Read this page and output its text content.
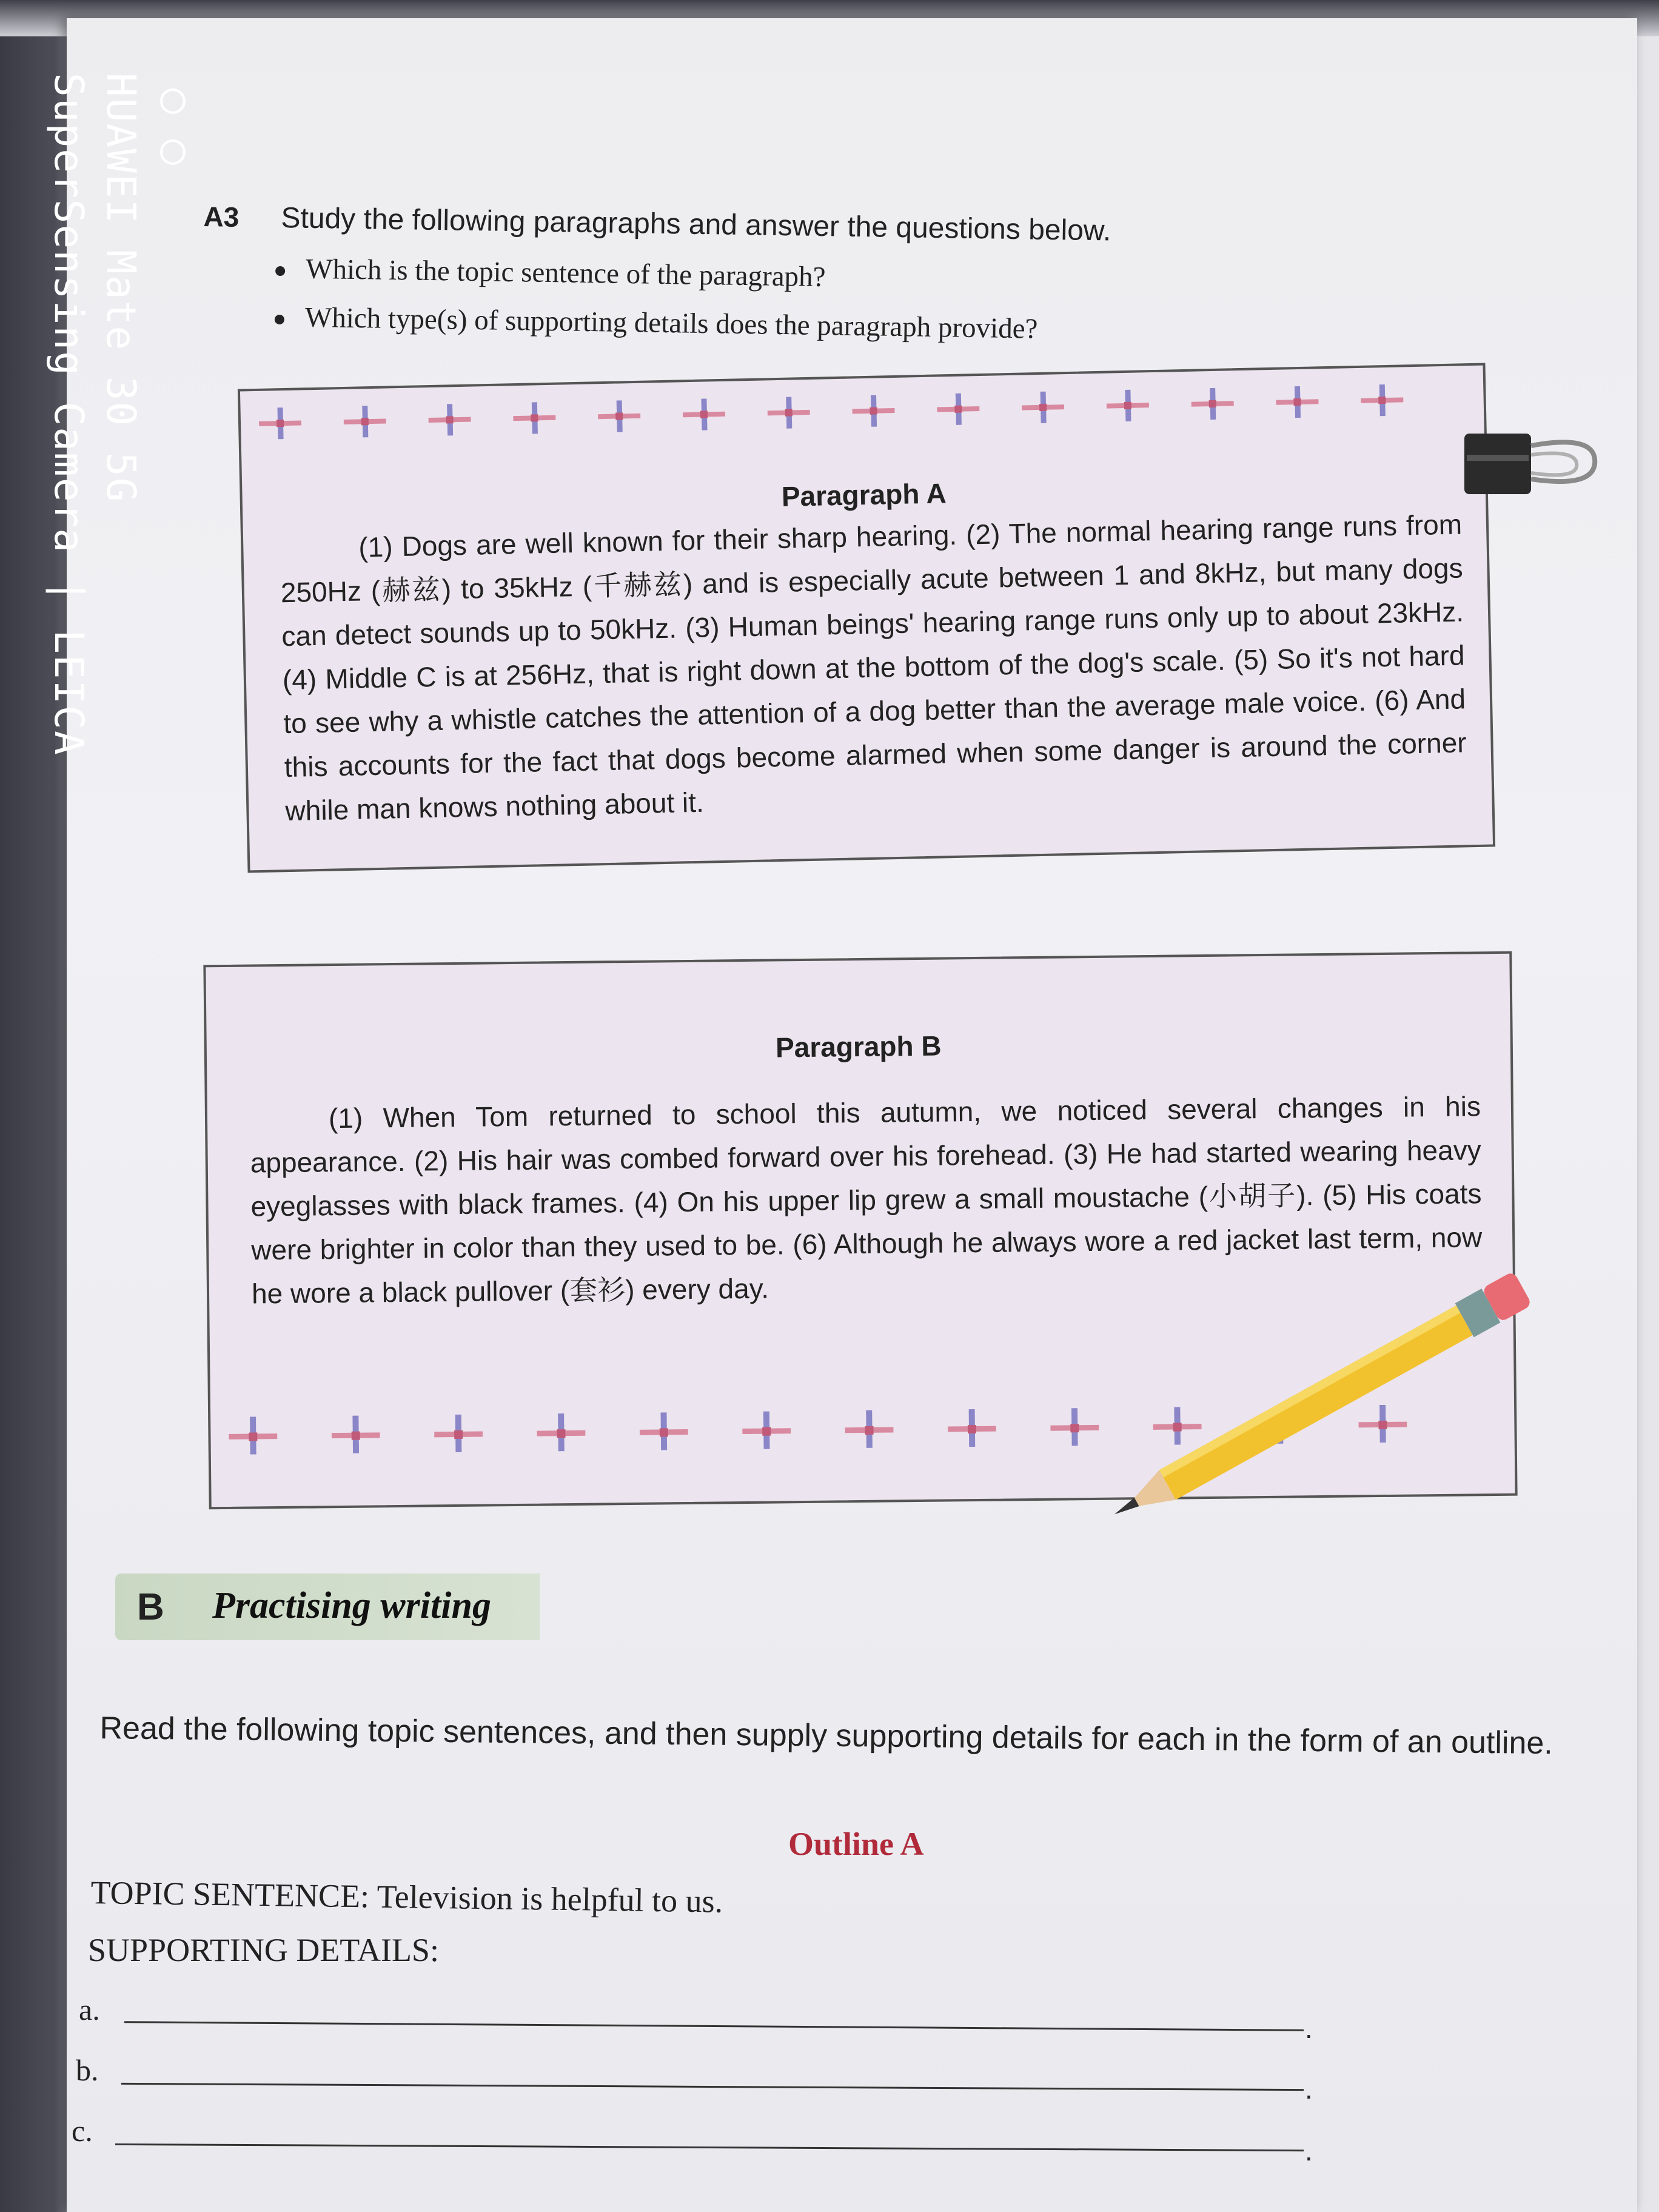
○○
HUAWEI Mate 30 5G
SuperSensing Camera | LEICA	A3 Study the following paragraphs and answer the questions below.
Which is the topic sentence of the paragraph?
Which type(s) of supporting details does the paragraph provide?
Paragraph A
(1) Dogs are well known for their sharp hearing. (2) The normal hearing range runs from 250Hz (赫兹) to 35kHz (千赫兹) and is especially acute between 1 and 8kHz, but many dogs can detect sounds up to 50kHz. (3) Human beings' hearing range runs only up to about 23kHz. (4) Middle C is at 256Hz, that is right down at the bottom of the dog's scale. (5) So it's not hard to see why a whistle catches the attention of a dog better than the average male voice. (6) And this accounts for the fact that dogs become alarmed when some danger is around the corner while man knows nothing about it.
Paragraph B
(1) When Tom returned to school this autumn, we noticed several changes in his appearance. (2) His hair was combed forward over his forehead. (3) He had started wearing heavy eyeglasses with black frames. (4) On his upper lip grew a small moustache (小胡子). (5) His coats were brighter in color than they used to be. (6) Although he always wore a red jacket last term, now he wore a black pullover (套衫) every day.
B Practising writing
Read the following topic sentences, and then supply supporting details for each in the form of an outline.
Outline A
TOPIC SENTENCE: Television is helpful to us.
SUPPORTING DETAILS:
a.
.
b.
.
c.
.
